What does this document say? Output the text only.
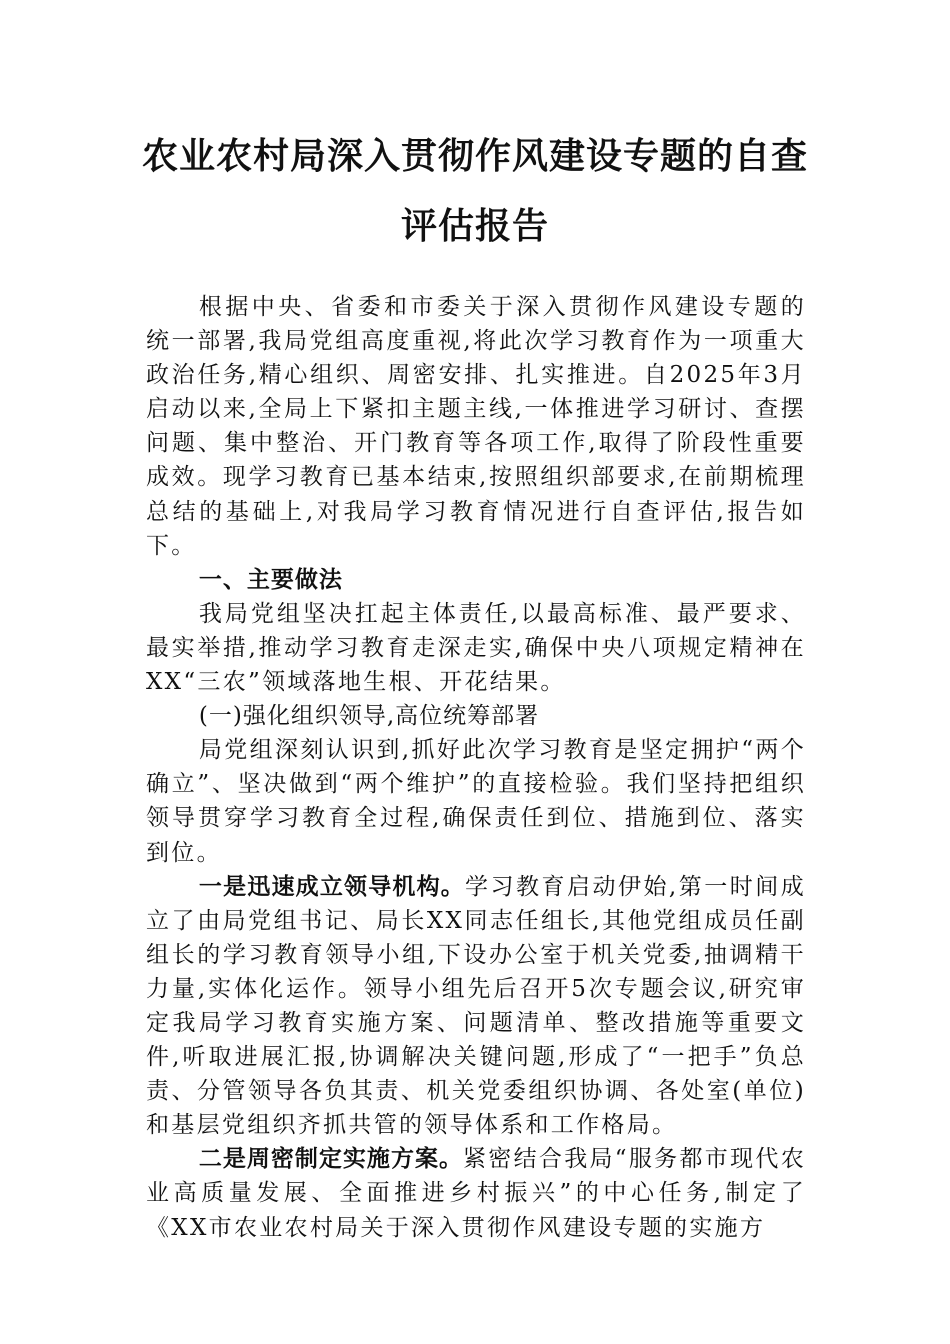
农业农村局深入贯彻作风建设专题的自查
评估报告

根据中央、省委和市委关于深入贯彻作风建设专题的统一部署,我局党组高度重视,将此次学习教育作为一项重大政治任务,精心组织、周密安排、扎实推进。自2025年3月启动以来,全局上下紧扣主题主线,一体推进学习研讨、查摆问题、集中整治、开门教育等各项工作,取得了阶段性重要成效。现学习教育已基本结束,按照组织部要求,在前期梳理总结的基础上,对我局学习教育情况进行自查评估,报告如下。

一、主要做法

我局党组坚决扛起主体责任,以最高标准、最严要求、最实举措,推动学习教育走深走实,确保中央八项规定精神在XX“三农”领域落地生根、开花结果。

(一)强化组织领导,高位统筹部署

局党组深刻认识到,抓好此次学习教育是坚定拥护“两个确立”、坚决做到“两个维护”的直接检验。我们坚持把组织领导贯穿学习教育全过程,确保责任到位、措施到位、落实到位。

一是迅速成立领导机构。学习教育启动伊始,第一时间成立了由局党组书记、局长XX同志任组长,其他党组成员任副组长的学习教育领导小组,下设办公室于机关党委,抽调精干力量,实体化运作。领导小组先后召开5次专题会议,研究审定我局学习教育实施方案、问题清单、整改措施等重要文件,听取进展汇报,协调解决关键问题,形成了“一把手”负总责、分管领导各负其责、机关党委组织协调、各处室(单位)和基层党组织齐抓共管的领导体系和工作格局。

二是周密制定实施方案。紧密结合我局“服务都市现代农业高质量发展、全面推进乡村振兴”的中心任务,制定了《XX市农业农村局关于深入贯彻作风建设专题的实施方
